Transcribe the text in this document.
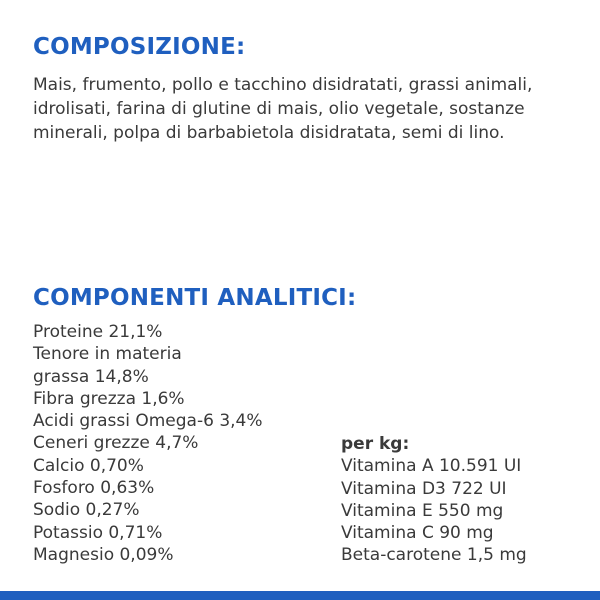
COMPOSIZIONE:

Mais, frumento, pollo e tacchino disidratati, grassi animali, idrolisati, farina di glutine di mais, olio vegetale, sostanze minerali, polpa di barbabietola disidratata, semi di lino.

COMPONENTI ANALITICI:
Proteine 21,1%
Tenore in materia
grassa 14,8%
Fibra grezza 1,6%
Acidi grassi Omega-6 3,4%
Ceneri grezze 4,7%
Calcio 0,70%
Fosforo 0,63%
Sodio 0,27%
Potassio 0,71%
Magnesio 0,09%
per kg:
Vitamina A 10.591 UI
Vitamina D3 722 UI
Vitamina E 550 mg
Vitamina C 90 mg
Beta-carotene 1,5 mg
